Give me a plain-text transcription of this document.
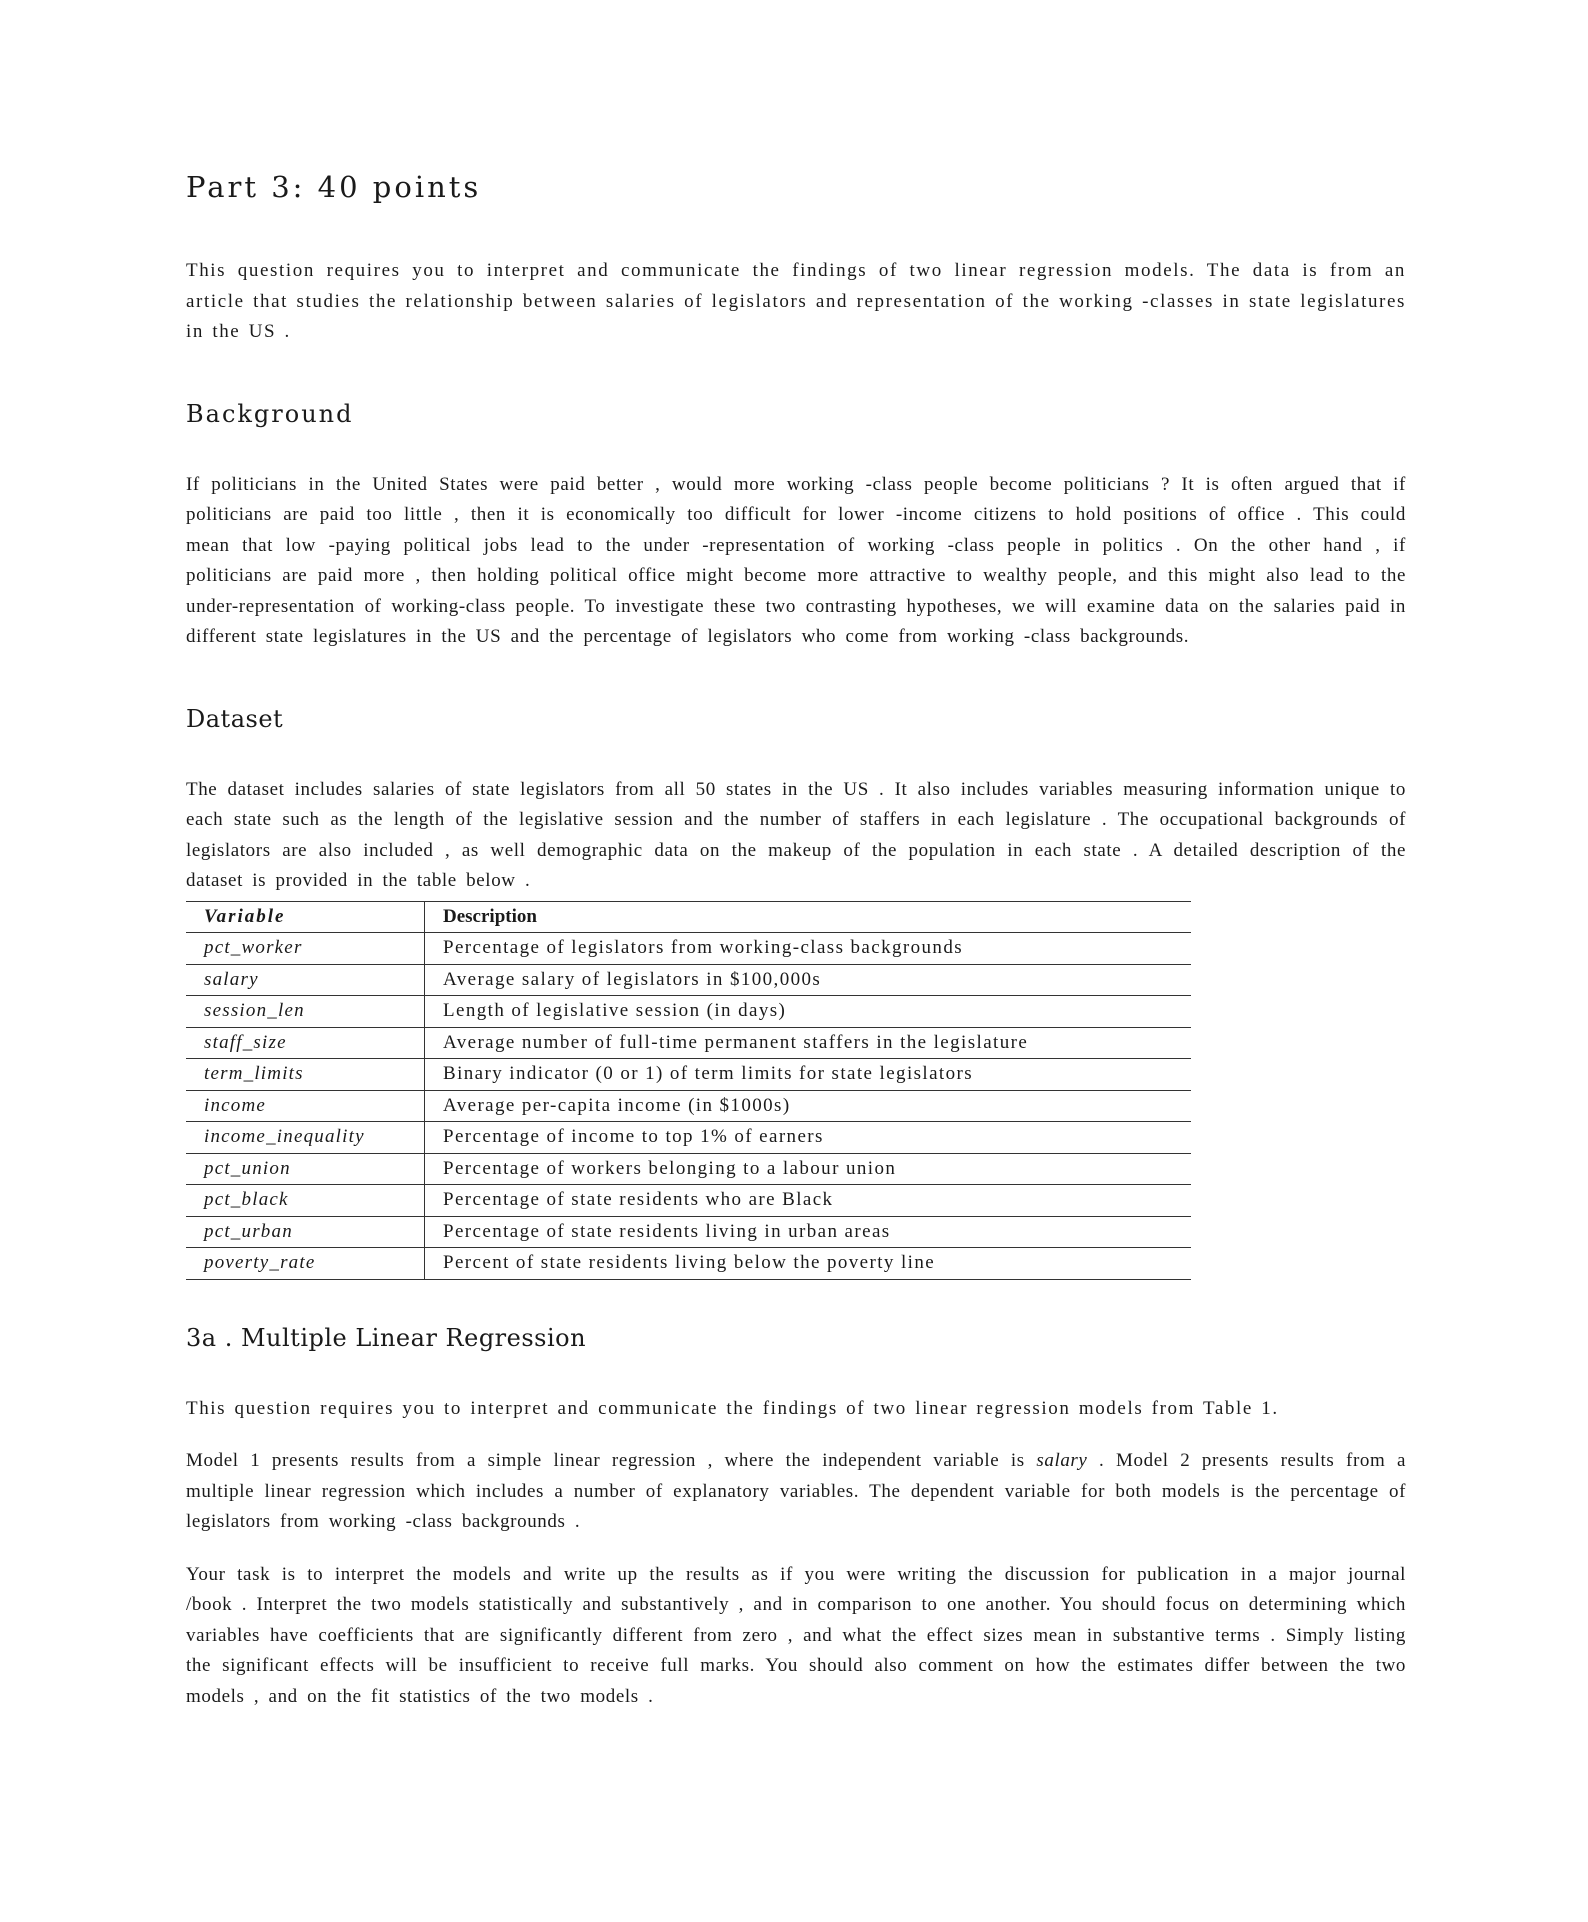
Part 3: 40 points

This question requires you to interpret and communicate the findings of two linear regression models. The data is from an article that studies the relationship between salaries of legislators and representation of the working -classes in state legislatures in the US .

Background

If politicians in the United States were paid better , would more working -class people become politicians ? It is often argued that if politicians are paid too little , then it is economically too difficult for lower -income citizens to hold positions of office . This could mean that low -paying political jobs lead to the under -representation of working -class people in politics . On the other hand , if politicians are paid more , then holding political office might become more attractive to wealthy people, and this might also lead to the under-representation of working-class people. To investigate these two contrasting hypotheses, we will examine data on the salaries paid in different state legislatures in the US and the percentage of legislators who come from working -class backgrounds.

Dataset

The dataset includes salaries of state legislators from all 50 states in the US . It also includes variables measuring information unique to each state such as the length of the legislative session and the number of staffers in each legislature . The occupational backgrounds of legislators are also included , as well demographic data on the makeup of the population in each state . A detailed description of the dataset is provided in the table below .

Variable	Description
pct_worker	Percentage of legislators from working-class backgrounds
salary	Average salary of legislators in $100,000s
session_len	Length of legislative session (in days)
staff_size	Average number of full-time permanent staffers in the legislature
term_limits	Binary indicator (0 or 1) of term limits for state legislators
income	Average per-capita income (in $1000s)
income_inequality	Percentage of income to top 1% of earners
pct_union	Percentage of workers belonging to a labour union
pct_black	Percentage of state residents who are Black
pct_urban	Percentage of state residents living in urban areas
poverty_rate	Percent of state residents living below the poverty line
3a . Multiple Linear Regression

This question requires you to interpret and communicate the findings of two linear regression models from Table 1.

Model 1 presents results from a simple linear regression , where the independent variable is salary . Model 2 presents results from a multiple linear regression which includes a number of explanatory variables. The dependent variable for both models is the percentage of legislators from working -class backgrounds .

Your task is to interpret the models and write up the results as if you were writing the discussion for publication in a major journal /book . Interpret the two models statistically and substantively , and in comparison to one another. You should focus on determining which variables have coefficients that are significantly different from zero , and what the effect sizes mean in substantive terms . Simply listing the significant effects will be insufficient to receive full marks. You should also comment on how the estimates differ between the two models , and on the fit statistics of the two models .
